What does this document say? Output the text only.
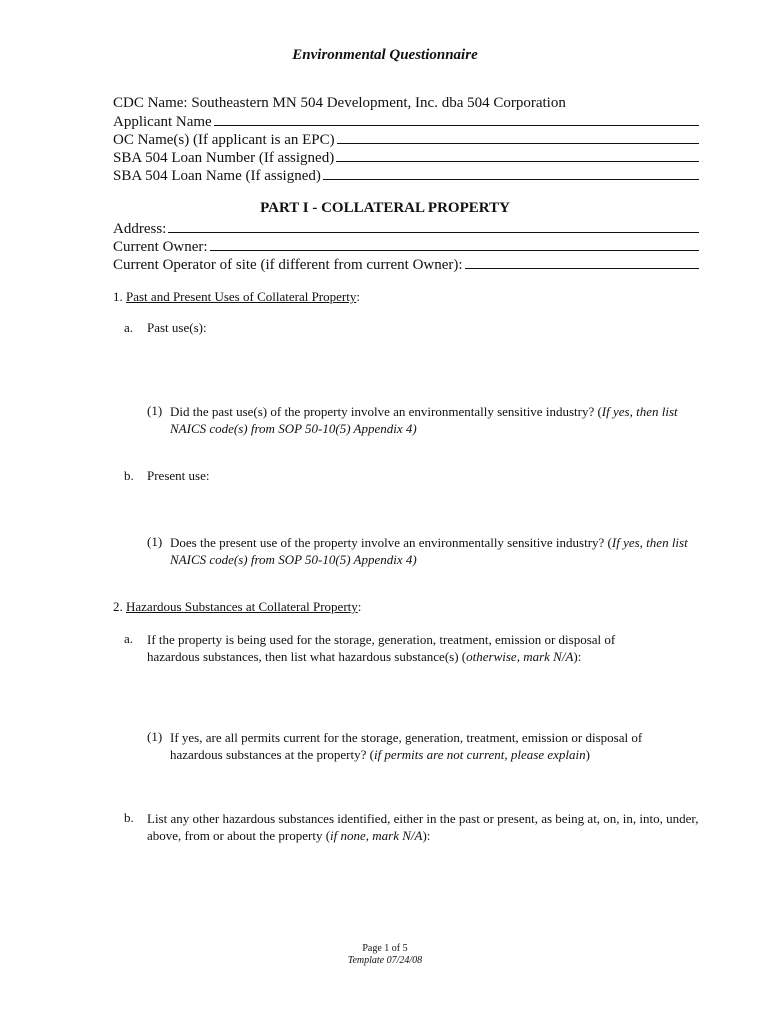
Environmental Questionnaire
CDC Name: Southeastern MN 504 Development, Inc. dba 504 Corporation
Applicant Name
OC Name(s) (If applicant is an EPC)
SBA 504 Loan Number (If assigned)
SBA 504 Loan Name (If assigned)
PART I - COLLATERAL PROPERTY
Address:
Current Owner:
Current Operator of site (if different from current Owner):
1. Past and Present Uses of Collateral Property:
a. Past use(s):
(1) Did the past use(s) of the property involve an environmentally sensitive industry? (If yes, then list NAICS code(s) from SOP 50-10(5) Appendix 4)
b. Present use:
(1) Does the present use of the property involve an environmentally sensitive industry? (If yes, then list NAICS code(s) from SOP 50-10(5) Appendix 4)
2. Hazardous Substances at Collateral Property:
a. If the property is being used for the storage, generation, treatment, emission or disposal of hazardous substances, then list what hazardous substance(s) (otherwise, mark N/A):
(1) If yes, are all permits current for the storage, generation, treatment, emission or disposal of hazardous substances at the property? (if permits are not current, please explain)
b. List any other hazardous substances identified, either in the past or present, as being at, on, in, into, under, above, from or about the property (if none, mark N/A):
Page 1 of 5
Template 07/24/08
